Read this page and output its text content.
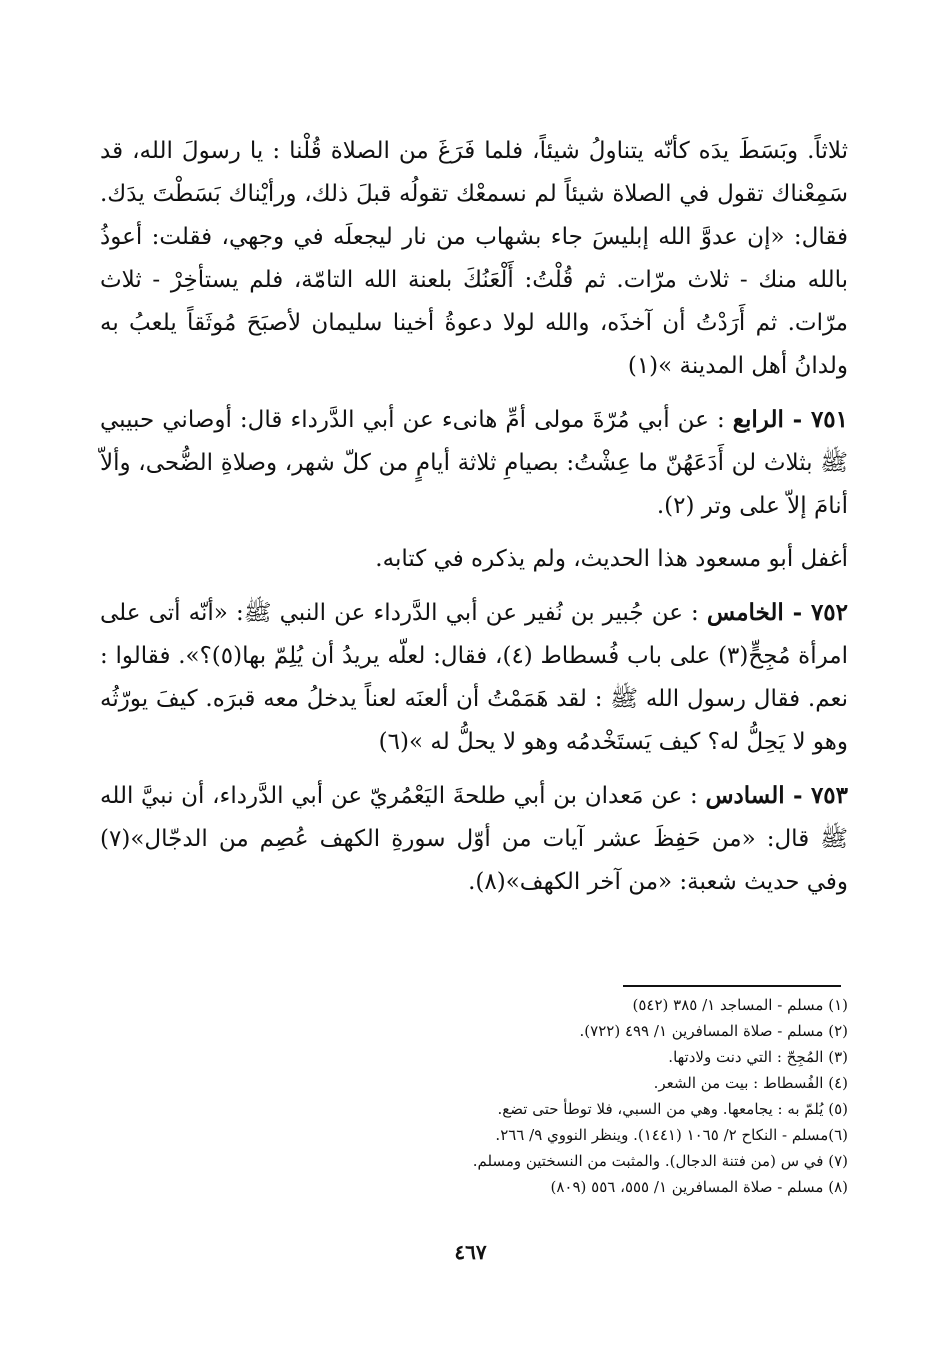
ثلاثاً. وبَسَطَ يدَه كأنّه يتناولُ شيئاً، فلما فَرَغَ من الصلاة قُلْنا : يا رسولَ الله، قد سَمِعْناك تقول في الصلاة شيئاً لم نسمعْك تقولُه قبلَ ذلك، ورأيْناك بَسَطْتَ يدَك. فقال: «إن عدوَّ الله إبليسَ جاء بشهاب من نار ليجعلَه في وجهي، فقلت: أعوذُ بالله منك - ثلاث مرّات. ثم قُلْتُ: أَلْعَنُكَ بلعنة الله التامّة، فلم يستأخِرْ - ثلاث مرّات. ثم أَرَدْتُ أن آخذَه، والله لولا دعوةُ أخينا سليمان لأصبَحَ مُوثَقاً يلعبُ به ولدانُ أهل المدينة »(١)

٧٥١ - الرابع : عن أبي مُرّةَ مولى أمِّ هانىء عن أبي الدَّرداء قال: أوصاني حبيبي ﷺ بثلاث لن أَدَعَهُنّ ما عِشْتُ: بصيامِ ثلاثة أيامٍ من كلّ شهر، وصلاةِ الضُّحى، وألاّ أنامَ إلاّ على وتر (٢).

أغفل أبو مسعود هذا الحديث، ولم يذكره في كتابه.

٧٥٢ - الخامس : عن جُبير بن نُفير عن أبي الدَّرداء عن النبي ﷺ: «أنّه أتى على امرأة مُجِحٍّ(٣) على باب فُسطاط (٤)، فقال: لعلّه يريدُ أن يُلِمّ بها(٥)؟». فقالوا : نعم. فقال رسول الله ﷺ : لقد هَمَمْتُ أن ألعنَه لعناً يدخلُ معه قبرَه. كيفَ يورّثُه وهو لا يَحِلُّ له؟ كيف يَستَخْدمُه وهو لا يحلُّ له »(٦)

٧٥٣ - السادس : عن مَعدان بن أبي طلحةَ اليَعْمُريّ عن أبي الدَّرداء، أن نبيَّ الله ﷺ قال: «من حَفِظَ عشر آيات من أوّل سورةِ الكهف عُصِم من الدجّال»(٧) وفي حديث شعبة: «من آخر الكهف»(٨).

(١) مسلم - المساجد ١/ ٣٨٥ (٥٤٢)
(٢) مسلم - صلاة المسافرين ١/ ٤٩٩ (٧٢٢).
(٣) المُجِحّ : التي دنت ولادتها.
(٤) الفُسطاط : بيت من الشعر.
(٥) يُلمّ به : يجامعها. وهي من السبي، فلا توطأ حتى تضع.
(٦)مسلم - النكاح ٢/ ١٠٦٥ (١٤٤١). وينظر النووي ٩/ ٢٦٦.
(٧) في س (من فتنة الدجال). والمثبت من النسختين ومسلم.
(٨) مسلم - صلاة المسافرين ١/ ٥٥٥، ٥٥٦ (٨٠٩)
٤٦٧
